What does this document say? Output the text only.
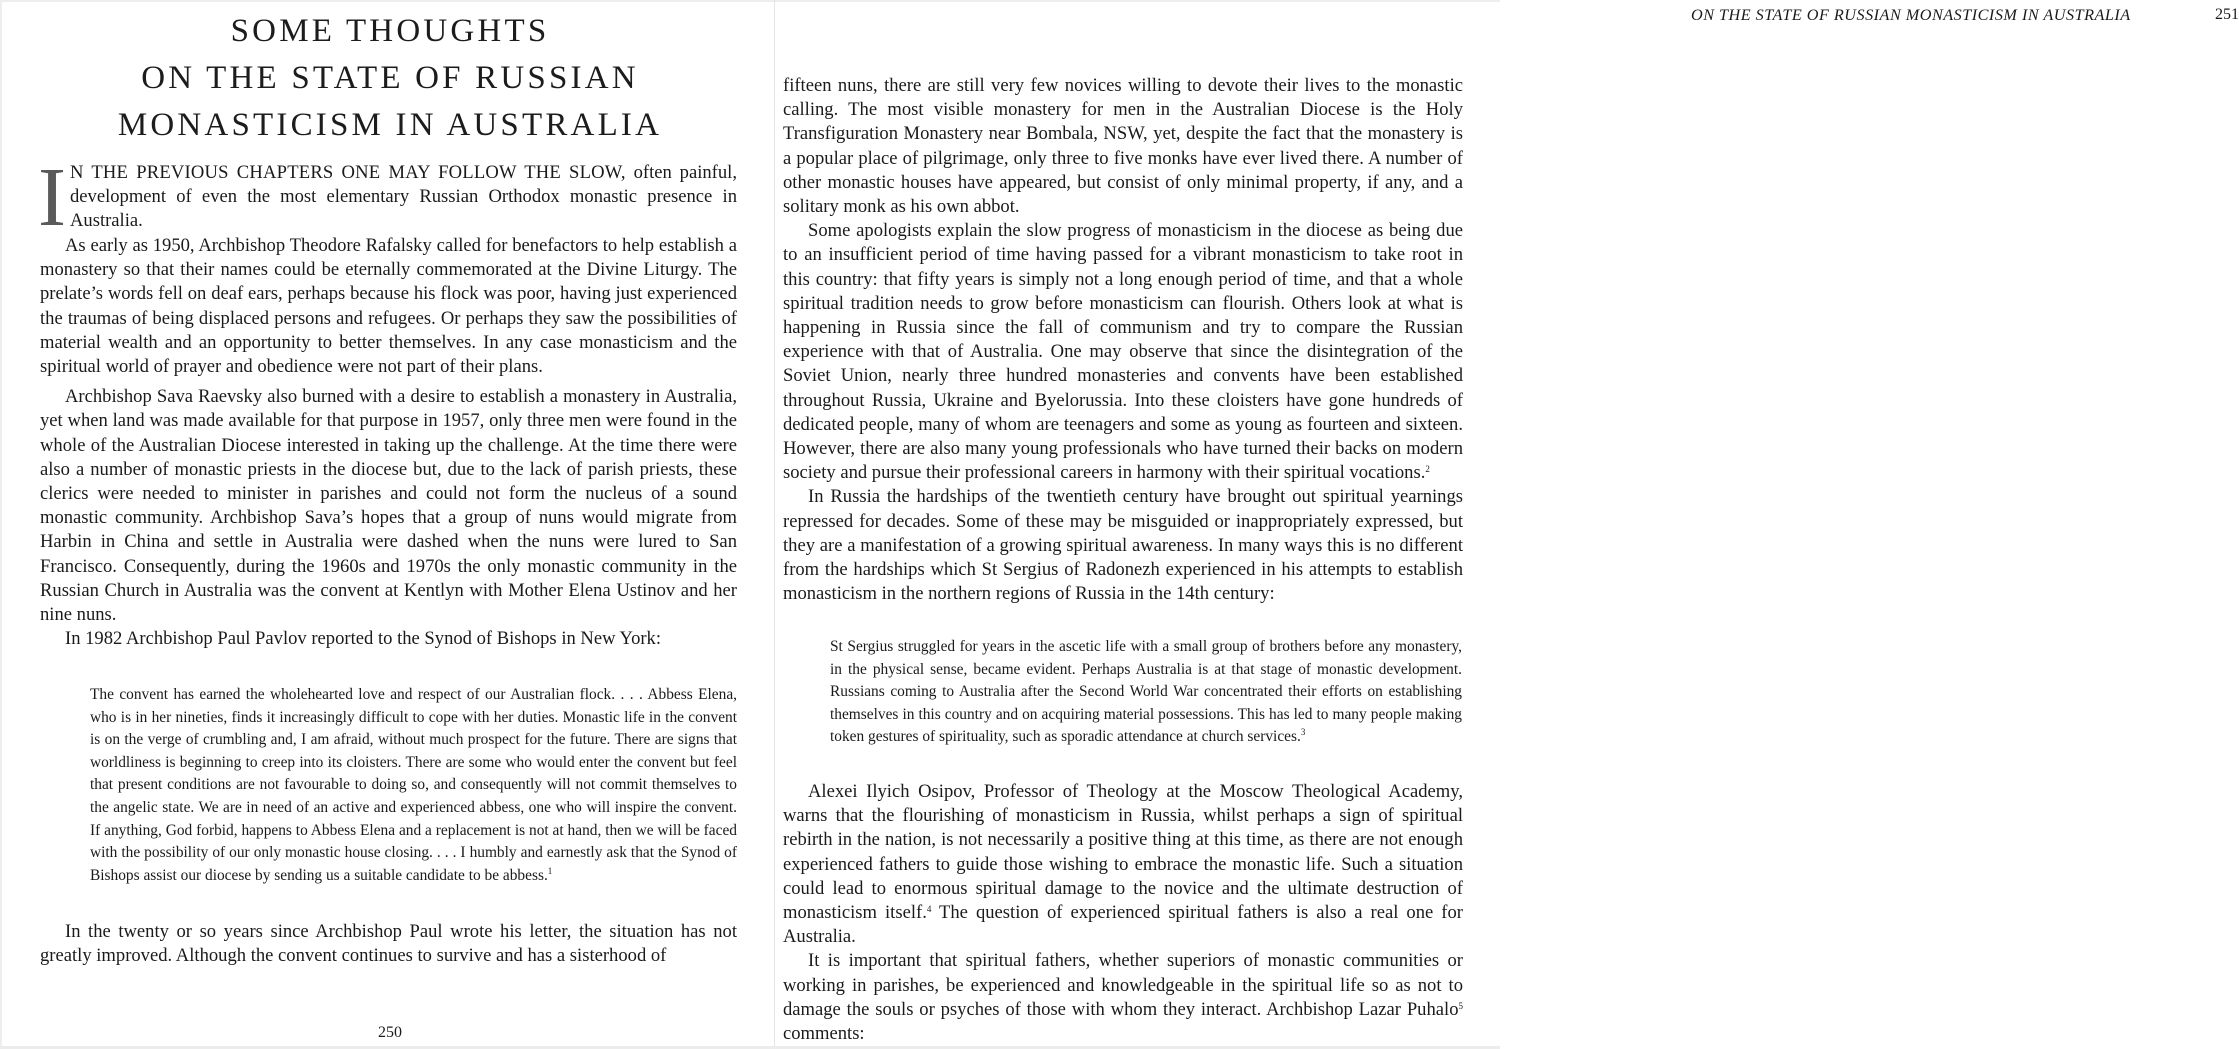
SOME THOUGHTS
ON THE STATE OF RUSSIAN
MONASTICISM IN AUSTRALIA
I N THE PREVIOUS CHAPTERS ONE MAY FOLLOW THE SLOW, often painful, development of even the most elementary Russian Orthodox monastic presence in Australia.

As early as 1950, Archbishop Theodore Rafalsky called for benefactors to help establish a monastery so that their names could be eternally commemorated at the Divine Liturgy. The prelate’s words fell on deaf ears, perhaps because his flock was poor, having just experienced the traumas of being displaced persons and refugees. Or perhaps they saw the possibilities of material wealth and an opportunity to better themselves. In any case monasticism and the spiritual world of prayer and obedience were not part of their plans.

Archbishop Sava Raevsky also burned with a desire to establish a monastery in Australia, yet when land was made available for that purpose in 1957, only three men were found in the whole of the Australian Diocese interested in taking up the challenge. At the time there were also a number of monastic priests in the diocese but, due to the lack of parish priests, these clerics were needed to minister in parishes and could not form the nucleus of a sound monastic community. Archbishop Sava’s hopes that a group of nuns would migrate from Harbin in China and settle in Australia were dashed when the nuns were lured to San Francisco. Consequently, during the 1960s and 1970s the only monastic community in the Russian Church in Australia was the convent at Kentlyn with Mother Elena Ustinov and her nine nuns.

In 1982 Archbishop Paul Pavlov reported to the Synod of Bishops in New York:

The convent has earned the wholehearted love and respect of our Australian flock. . . . Abbess Elena, who is in her nineties, finds it increasingly difficult to cope with her duties. Monastic life in the convent is on the verge of crumbling and, I am afraid, without much prospect for the future. There are signs that worldliness is beginning to creep into its cloisters. There are some who would enter the convent but feel that present conditions are not favourable to doing so, and consequently will not commit themselves to the angelic state. We are in need of an active and experienced abbess, one who will inspire the convent. If anything, God forbid, happens to Abbess Elena and a replacement is not at hand, then we will be faced with the possibility of our only monastic house closing. . . . I humbly and earnestly ask that the Synod of Bishops assist our diocese by sending us a suitable candidate to be abbess.$^1$

In the twenty or so years since Archbishop Paul wrote his letter, the situation has not greatly improved. Although the convent continues to survive and has a sisterhood of

250
ON THE STATE OF RUSSIAN MONASTICISM IN AUSTRALIA	251

fifteen nuns, there are still very few novices willing to devote their lives to the monastic calling. The most visible monastery for men in the Australian Diocese is the Holy Transfiguration Monastery near Bombala, NSW, yet, despite the fact that the monastery is a popular place of pilgrimage, only three to five monks have ever lived there. A number of other monastic houses have appeared, but consist of only minimal property, if any, and a solitary monk as his own abbot.

Some apologists explain the slow progress of monasticism in the diocese as being due to an insufficient period of time having passed for a vibrant monasticism to take root in this country: that fifty years is simply not a long enough period of time, and that a whole spiritual tradition needs to grow before monasticism can flourish. Others look at what is happening in Russia since the fall of communism and try to compare the Russian experience with that of Australia. One may observe that since the disintegration of the Soviet Union, nearly three hundred monasteries and convents have been established throughout Russia, Ukraine and Byelorussia. Into these cloisters have gone hundreds of dedicated people, many of whom are teenagers and some as young as fourteen and sixteen. However, there are also many young professionals who have turned their backs on modern society and pursue their professional careers in harmony with their spiritual vocations.$^2$

In Russia the hardships of the twentieth century have brought out spiritual yearnings repressed for decades. Some of these may be misguided or inappropriately expressed, but they are a manifestation of a growing spiritual awareness. In many ways this is no different from the hardships which St Sergius of Radonezh experienced in his attempts to establish monasticism in the northern regions of Russia in the 14th century:

St Sergius struggled for years in the ascetic life with a small group of brothers before any monastery, in the physical sense, became evident. Perhaps Australia is at that stage of monastic development. Russians coming to Australia after the Second World War concentrated their efforts on establishing themselves in this country and on acquiring material possessions. This has led to many people making token gestures of spirituality, such as sporadic attendance at church services.$^3$

Alexei Ilyich Osipov, Professor of Theology at the Moscow Theological Academy, warns that the flourishing of monasticism in Russia, whilst perhaps a sign of spiritual rebirth in the nation, is not necessarily a positive thing at this time, as there are not enough experienced fathers to guide those wishing to embrace the monastic life. Such a situation could lead to enormous spiritual damage to the novice and the ultimate destruction of monasticism itself.$^4$ The question of experienced spiritual fathers is also a real one for Australia.

It is important that spiritual fathers, whether superiors of monastic communities or working in parishes, be experienced and knowledgeable in the spiritual life so as not to damage the souls or psyches of those with whom they interact. Archbishop Lazar Puhalo$^5$ comments:
